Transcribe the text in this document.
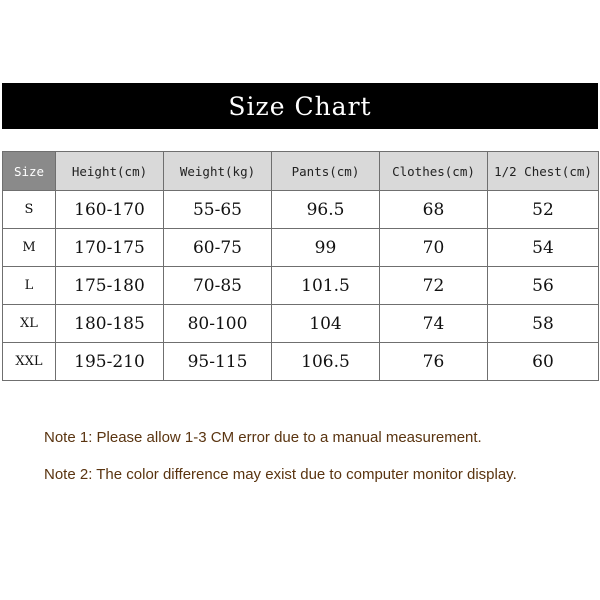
Size Chart
Size	Height(cm)	Weight(kg)	Pants(cm)	Clothes(cm)	1/2 Chest(cm)
S	160-170	55-65	96.5	68	52
M	170-175	60-75	99	70	54
L	175-180	70-85	101.5	72	56
XL	180-185	80-100	104	74	58
XXL	195-210	95-115	106.5	76	60
Note 1: Please allow 1-3 CM error due to a manual measurement.
Note 2: The color difference may exist due to computer monitor display.
